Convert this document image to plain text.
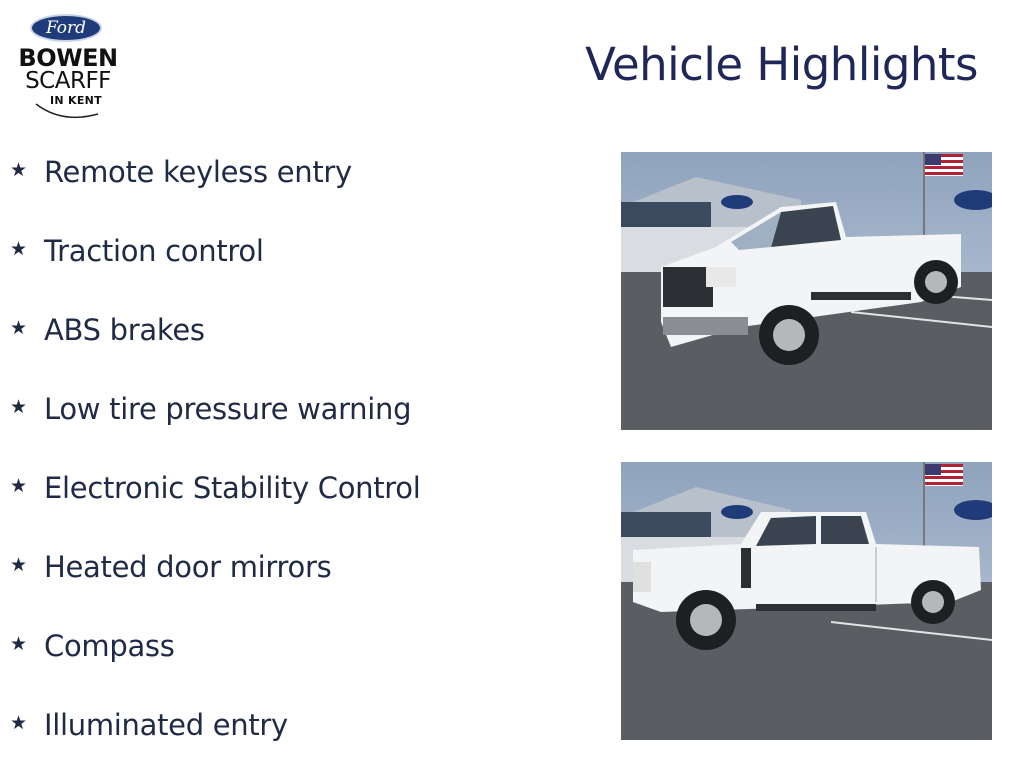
Ford
BOWEN
SCARFF
IN KENT
Vehicle Highlights
★ Remote keyless entry
★ Traction control
★ ABS brakes
★ Low tire pressure warning
★ Electronic Stability Control
★ Heated door mirrors
★ Compass
★ Illuminated entry
